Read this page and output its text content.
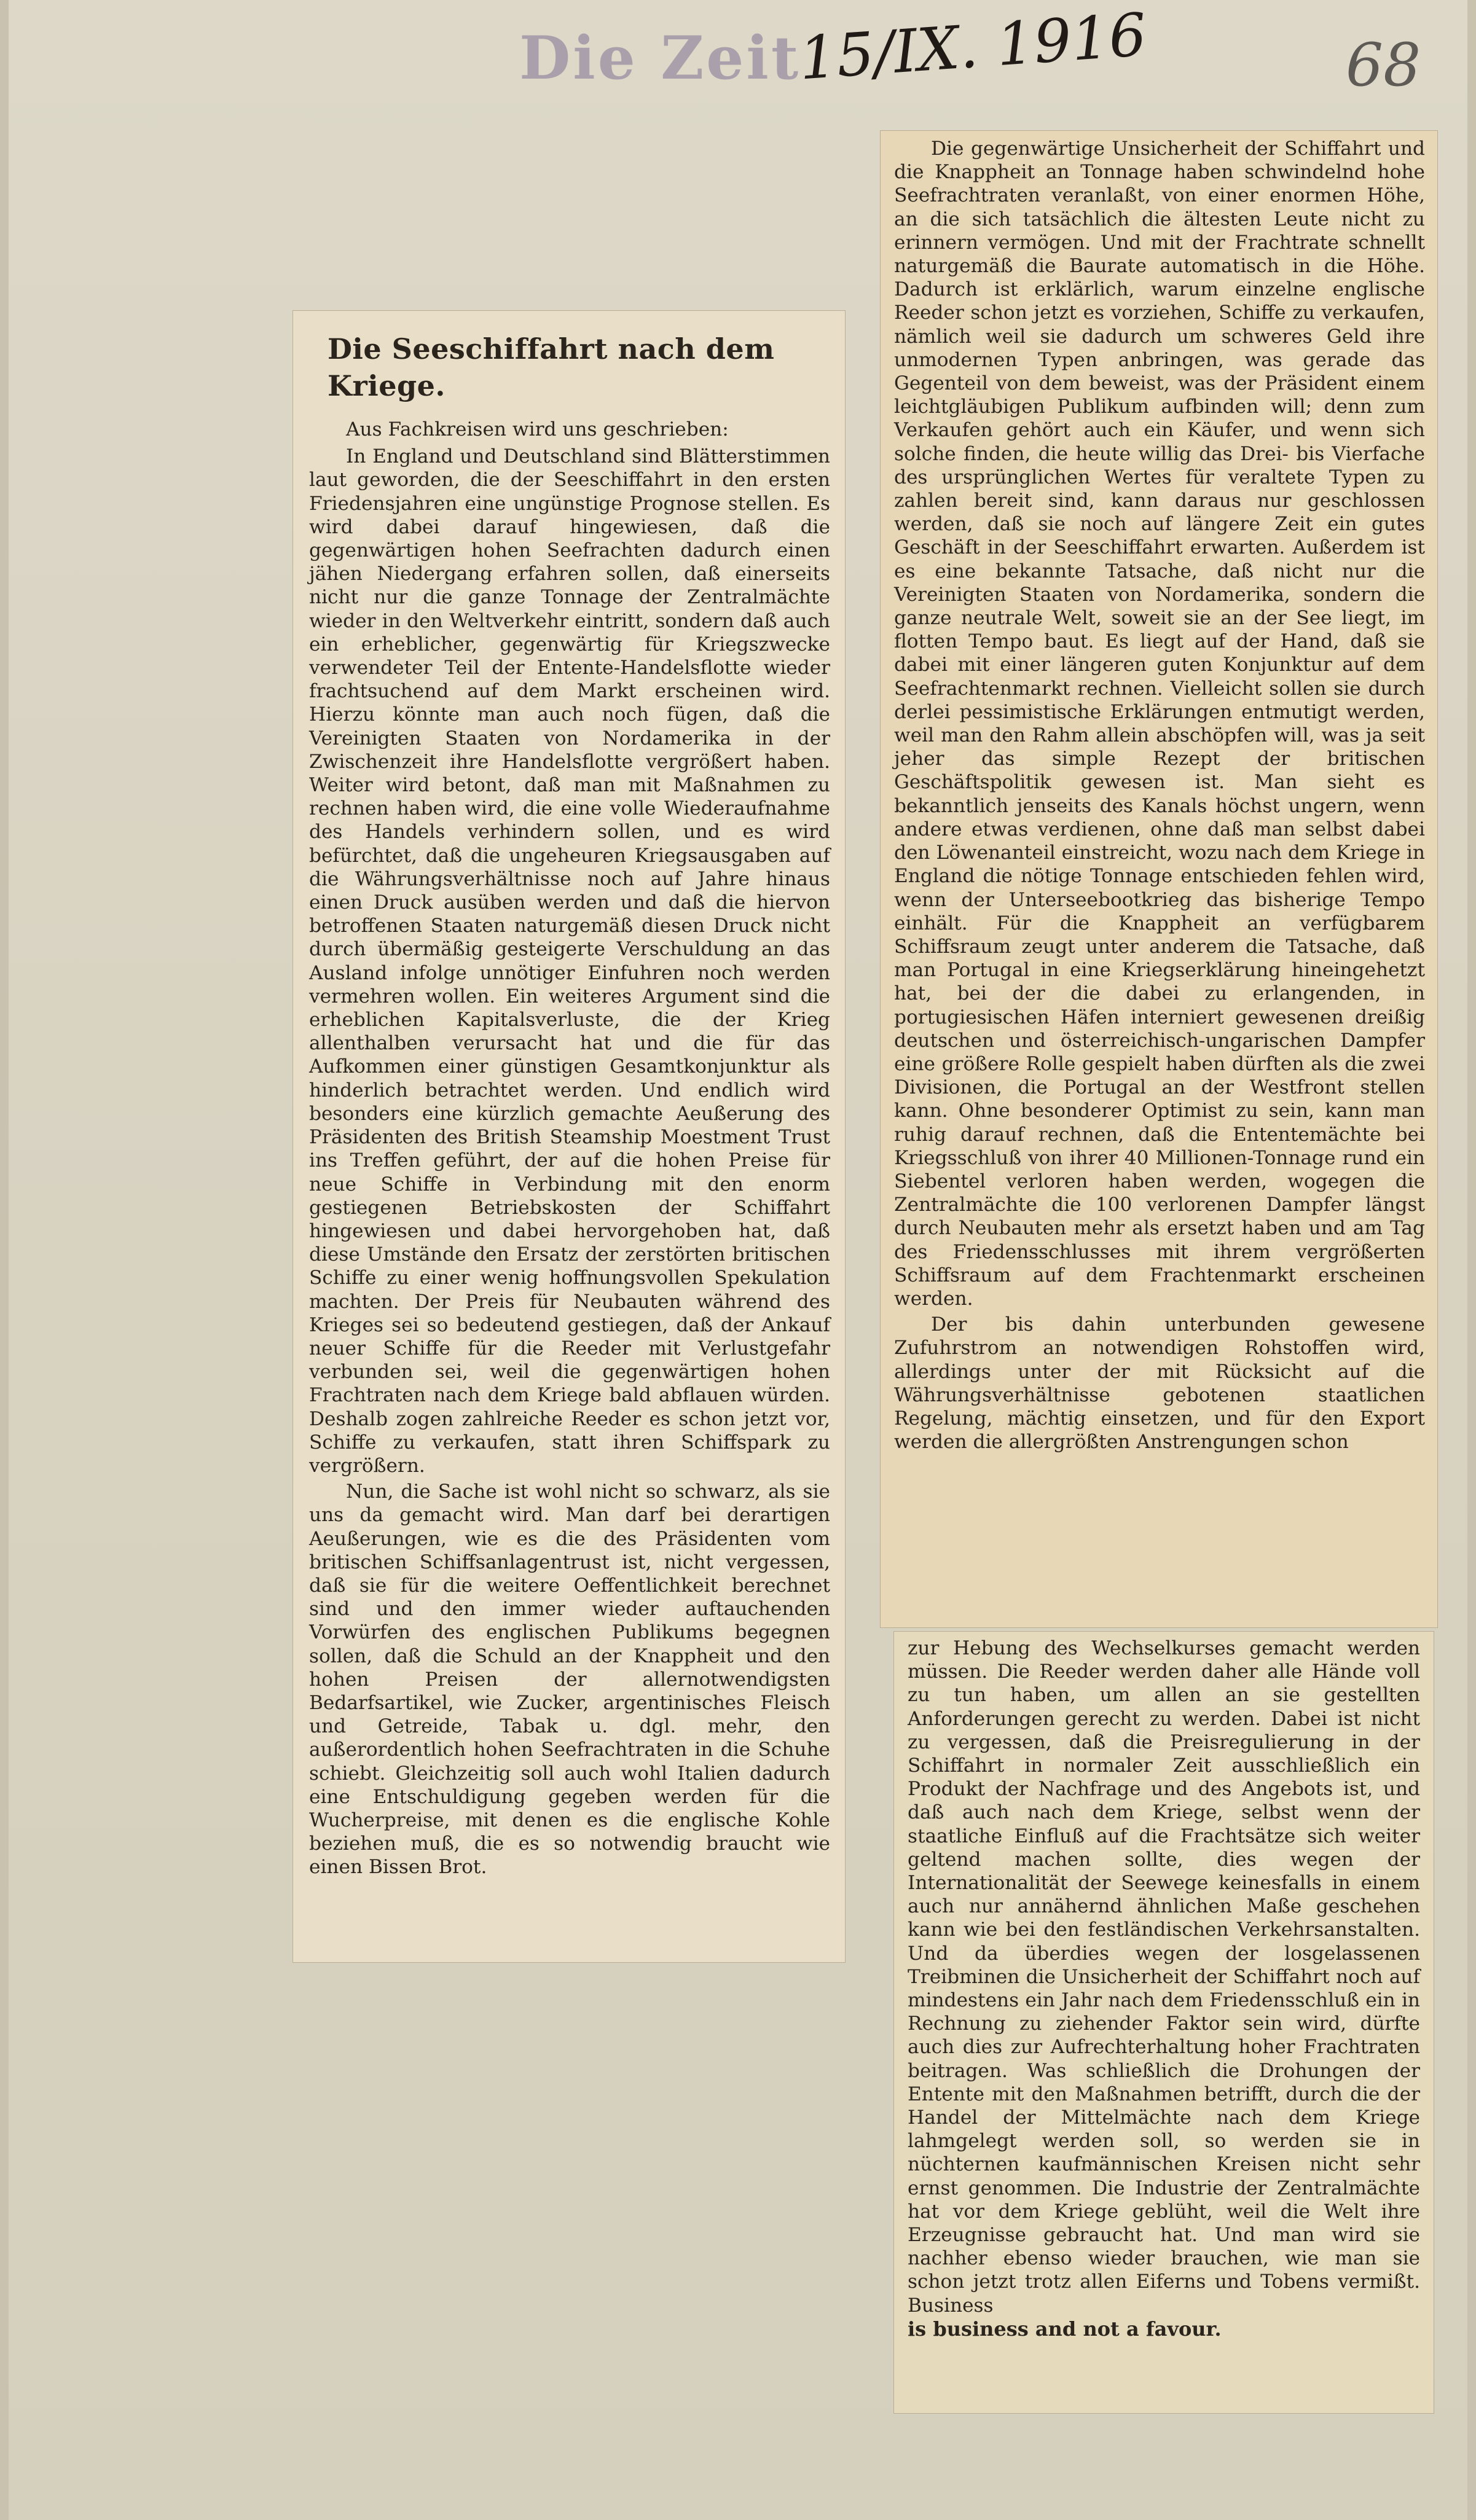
Die Zeit
15/IX. 1916	68
Die Seeschiffahrt nach dem Kriege.
Aus Fachkreisen wird uns geschrieben:

In England und Deutschland sind Blätterstimmen laut geworden, die der Seeschiffahrt in den ersten Friedensjahren eine ungünstige Prognose stellen. Es wird dabei darauf hingewiesen, daß die gegenwärtigen hohen Seefrachten dadurch einen jähen Niedergang erfahren sollen, daß einerseits nicht nur die ganze Tonnage der Zentralmächte wieder in den Weltverkehr eintritt, sondern daß auch ein erheblicher, gegenwärtig für Kriegszwecke verwendeter Teil der Entente-Handelsflotte wieder frachtsuchend auf dem Markt erscheinen wird. Hierzu könnte man auch noch fügen, daß die Vereinigten Staaten von Nordamerika in der Zwischenzeit ihre Handelsflotte vergrößert haben. Weiter wird betont, daß man mit Maßnahmen zu rechnen haben wird, die eine volle Wiederaufnahme des Handels verhindern sollen, und es wird befürchtet, daß die ungeheuren Kriegsausgaben auf die Währungsverhältnisse noch auf Jahre hinaus einen Druck ausüben werden und daß die hiervon betroffenen Staaten naturgemäß diesen Druck nicht durch übermäßig gesteigerte Verschuldung an das Ausland infolge unnötiger Einfuhren noch werden vermehren wollen. Ein weiteres Argument sind die erheblichen Kapitalsverluste, die der Krieg allenthalben verursacht hat und die für das Aufkommen einer günstigen Gesamtkonjunktur als hinderlich betrachtet werden. Und endlich wird besonders eine kürzlich gemachte Aeußerung des Präsidenten des British Steamship Moestment Trust ins Treffen geführt, der auf die hohen Preise für neue Schiffe in Verbindung mit den enorm gestiegenen Betriebskosten der Schiffahrt hingewiesen und dabei hervorgehoben hat, daß diese Umstände den Ersatz der zerstörten britischen Schiffe zu einer wenig hoffnungsvollen Spekulation machten. Der Preis für Neubauten während des Krieges sei so bedeutend gestiegen, daß der Ankauf neuer Schiffe für die Reeder mit Verlustgefahr verbunden sei, weil die gegenwärtigen hohen Frachtraten nach dem Kriege bald abflauen würden. Deshalb zogen zahlreiche Reeder es schon jetzt vor, Schiffe zu verkaufen, statt ihren Schiffspark zu vergrößern.

Nun, die Sache ist wohl nicht so schwarz, als sie uns da gemacht wird. Man darf bei derartigen Aeußerungen, wie es die des Präsidenten vom britischen Schiffsanlagentrust ist, nicht vergessen, daß sie für die weitere Oeffentlichkeit berechnet sind und den immer wieder auftauchenden Vorwürfen des englischen Publikums begegnen sollen, daß die Schuld an der Knappheit und den hohen Preisen der allernotwendigsten Bedarfsartikel, wie Zucker, argentinisches Fleisch und Getreide, Tabak u. dgl. mehr, den außerordentlich hohen Seefrachtraten in die Schuhe schiebt. Gleichzeitig soll auch wohl Italien dadurch eine Entschuldigung gegeben werden für die Wucherpreise, mit denen es die englische Kohle beziehen muß, die es so notwendig braucht wie einen Bissen Brot.

Die gegenwärtige Unsicherheit der Schiffahrt und die Knappheit an Tonnage haben schwindelnd hohe Seefrachtraten veranlaßt, von einer enormen Höhe, an die sich tatsächlich die ältesten Leute nicht zu erinnern vermögen. Und mit der Frachtrate schnellt naturgemäß die Baurate automatisch in die Höhe. Dadurch ist erklärlich, warum einzelne englische Reeder schon jetzt es vorziehen, Schiffe zu verkaufen, nämlich weil sie dadurch um schweres Geld ihre unmodernen Typen anbringen, was gerade das Gegenteil von dem beweist, was der Präsident einem leichtgläubigen Publikum aufbinden will; denn zum Verkaufen gehört auch ein Käufer, und wenn sich solche finden, die heute willig das Drei- bis Vierfache des ursprünglichen Wertes für veraltete Typen zu zahlen bereit sind, kann daraus nur geschlossen werden, daß sie noch auf längere Zeit ein gutes Geschäft in der Seeschiffahrt erwarten. Außerdem ist es eine bekannte Tatsache, daß nicht nur die Vereinigten Staaten von Nordamerika, sondern die ganze neutrale Welt, soweit sie an der See liegt, im flotten Tempo baut. Es liegt auf der Hand, daß sie dabei mit einer längeren guten Konjunktur auf dem Seefrachtenmarkt rechnen. Vielleicht sollen sie durch derlei pessimistische Erklärungen entmutigt werden, weil man den Rahm allein abschöpfen will, was ja seit jeher das simple Rezept der britischen Geschäftspolitik gewesen ist. Man sieht es bekanntlich jenseits des Kanals höchst ungern, wenn andere etwas verdienen, ohne daß man selbst dabei den Löwenanteil einstreicht, wozu nach dem Kriege in England die nötige Tonnage entschieden fehlen wird, wenn der Unterseebootkrieg das bisherige Tempo einhält. Für die Knappheit an verfügbarem Schiffsraum zeugt unter anderem die Tatsache, daß man Portugal in eine Kriegserklärung hineingehetzt hat, bei der die dabei zu erlangenden, in portugiesischen Häfen interniert gewesenen dreißig deutschen und österreichisch-ungarischen Dampfer eine größere Rolle gespielt haben dürften als die zwei Divisionen, die Portugal an der Westfront stellen kann. Ohne besonderer Optimist zu sein, kann man ruhig darauf rechnen, daß die Ententemächte bei Kriegsschluß von ihrer 40 Millionen-Tonnage rund ein Siebentel verloren haben werden, wogegen die Zentralmächte die 100 verlorenen Dampfer längst durch Neubauten mehr als ersetzt haben und am Tag des Friedensschlusses mit ihrem vergrößerten Schiffsraum auf dem Frachtenmarkt erscheinen werden.

Der bis dahin unterbunden gewesene Zufuhrstrom an notwendigen Rohstoffen wird, allerdings unter der mit Rücksicht auf die Währungsverhältnisse gebotenen staatlichen Regelung, mächtig einsetzen, und für den Export werden die allergrößten Anstrengungen schon

zur Hebung des Wechselkurses gemacht werden müssen. Die Reeder werden daher alle Hände voll zu tun haben, um allen an sie gestellten Anforderungen gerecht zu werden. Dabei ist nicht zu vergessen, daß die Preisregulierung in der Schiffahrt in normaler Zeit ausschließlich ein Produkt der Nachfrage und des Angebots ist, und daß auch nach dem Kriege, selbst wenn der staatliche Einfluß auf die Frachtsätze sich weiter geltend machen sollte, dies wegen der Internationalität der Seewege keinesfalls in einem auch nur annähernd ähnlichen Maße geschehen kann wie bei den festländischen Verkehrsanstalten. Und da überdies wegen der losgelassenen Treibminen die Unsicherheit der Schiffahrt noch auf mindestens ein Jahr nach dem Friedensschluß ein in Rechnung zu ziehender Faktor sein wird, dürfte auch dies zur Aufrechterhaltung hoher Frachtraten beitragen. Was schließlich die Drohungen der Entente mit den Maßnahmen betrifft, durch die der Handel der Mittelmächte nach dem Kriege lahmgelegt werden soll, so werden sie in nüchternen kaufmännischen Kreisen nicht sehr ernst genommen. Die Industrie der Zentralmächte hat vor dem Kriege geblüht, weil die Welt ihre Erzeugnisse gebraucht hat. Und man wird sie nachher ebenso wieder brauchen, wie man sie schon jetzt trotz allen Eiferns und Tobens vermißt. Business

is business and not a favour.
